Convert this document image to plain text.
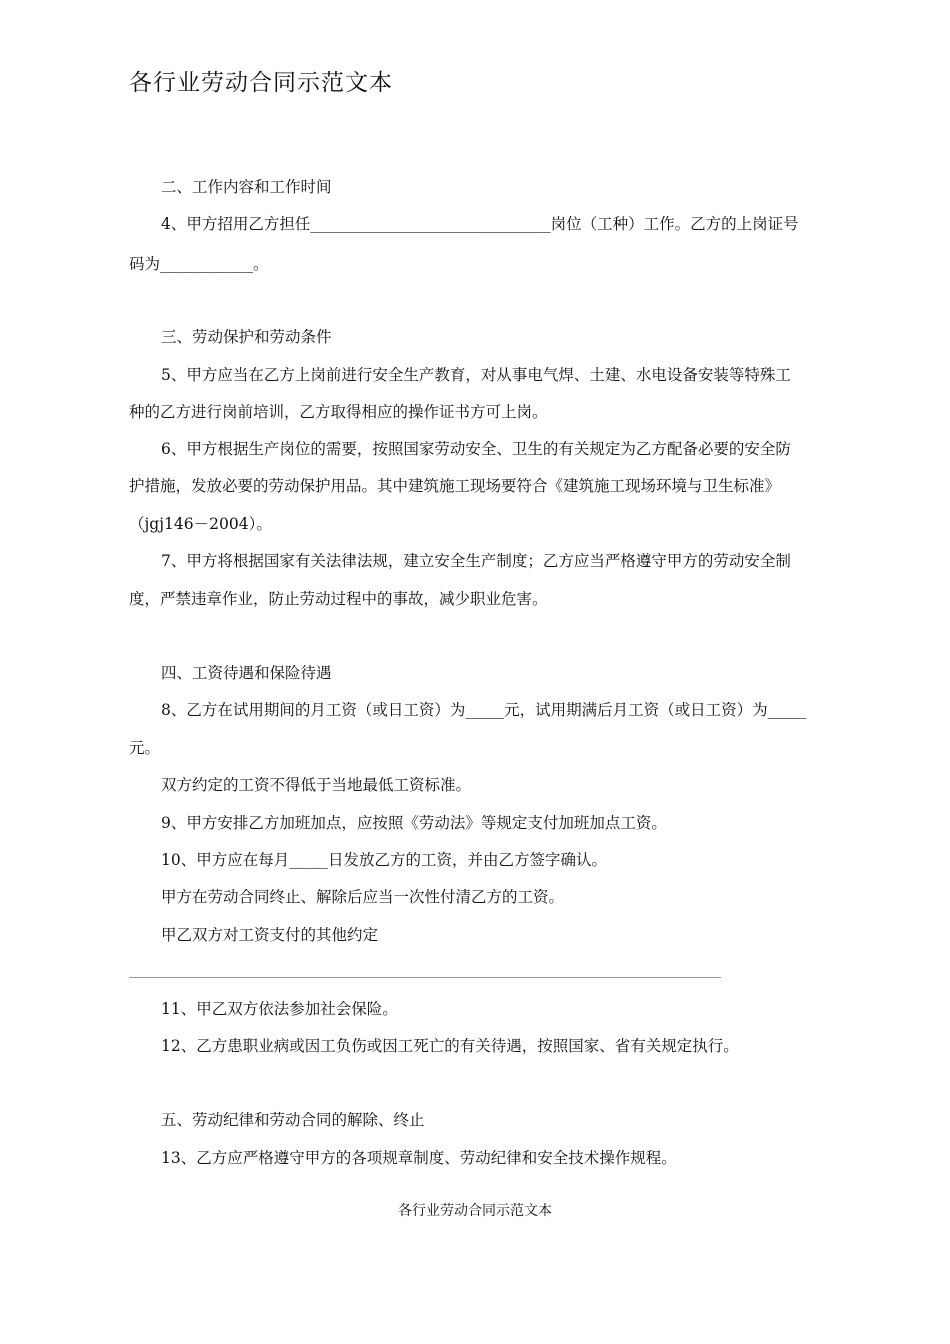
各行业劳动合同示范文本
二、工作内容和工作时间
4、甲方招用乙方担任_______________________________岗位（工种）工作。乙方的上岗证号
码为____________。
三、劳动保护和劳动条件
5、甲方应当在乙方上岗前进行安全生产教育，对从事电气焊、土建、水电设备安装等特殊工
种的乙方进行岗前培训，乙方取得相应的操作证书方可上岗。
6、甲方根据生产岗位的需要，按照国家劳动安全、卫生的有关规定为乙方配备必要的安全防
护措施，发放必要的劳动保护用品。其中建筑施工现场要符合《建筑施工现场环境与卫生标准》
（jgj146－2004）。
7、甲方将根据国家有关法律法规，建立安全生产制度；乙方应当严格遵守甲方的劳动安全制
度，严禁违章作业，防止劳动过程中的事故，减少职业危害。
四、工资待遇和保险待遇
8、乙方在试用期间的月工资（或日工资）为_____元，试用期满后月工资（或日工资）为_____
元。
双方约定的工资不得低于当地最低工资标准。
9、甲方安排乙方加班加点，应按照《劳动法》等规定支付加班加点工资。
10、甲方应在每月_____日发放乙方的工资，并由乙方签字确认。
甲方在劳动合同终止、解除后应当一次性付清乙方的工资。
甲乙双方对工资支付的其他约定
11、甲乙双方依法参加社会保险。
12、乙方患职业病或因工负伤或因工死亡的有关待遇，按照国家、省有关规定执行。
五、劳动纪律和劳动合同的解除、终止
13、乙方应严格遵守甲方的各项规章制度、劳动纪律和安全技术操作规程。
各行业劳动合同示范文本
